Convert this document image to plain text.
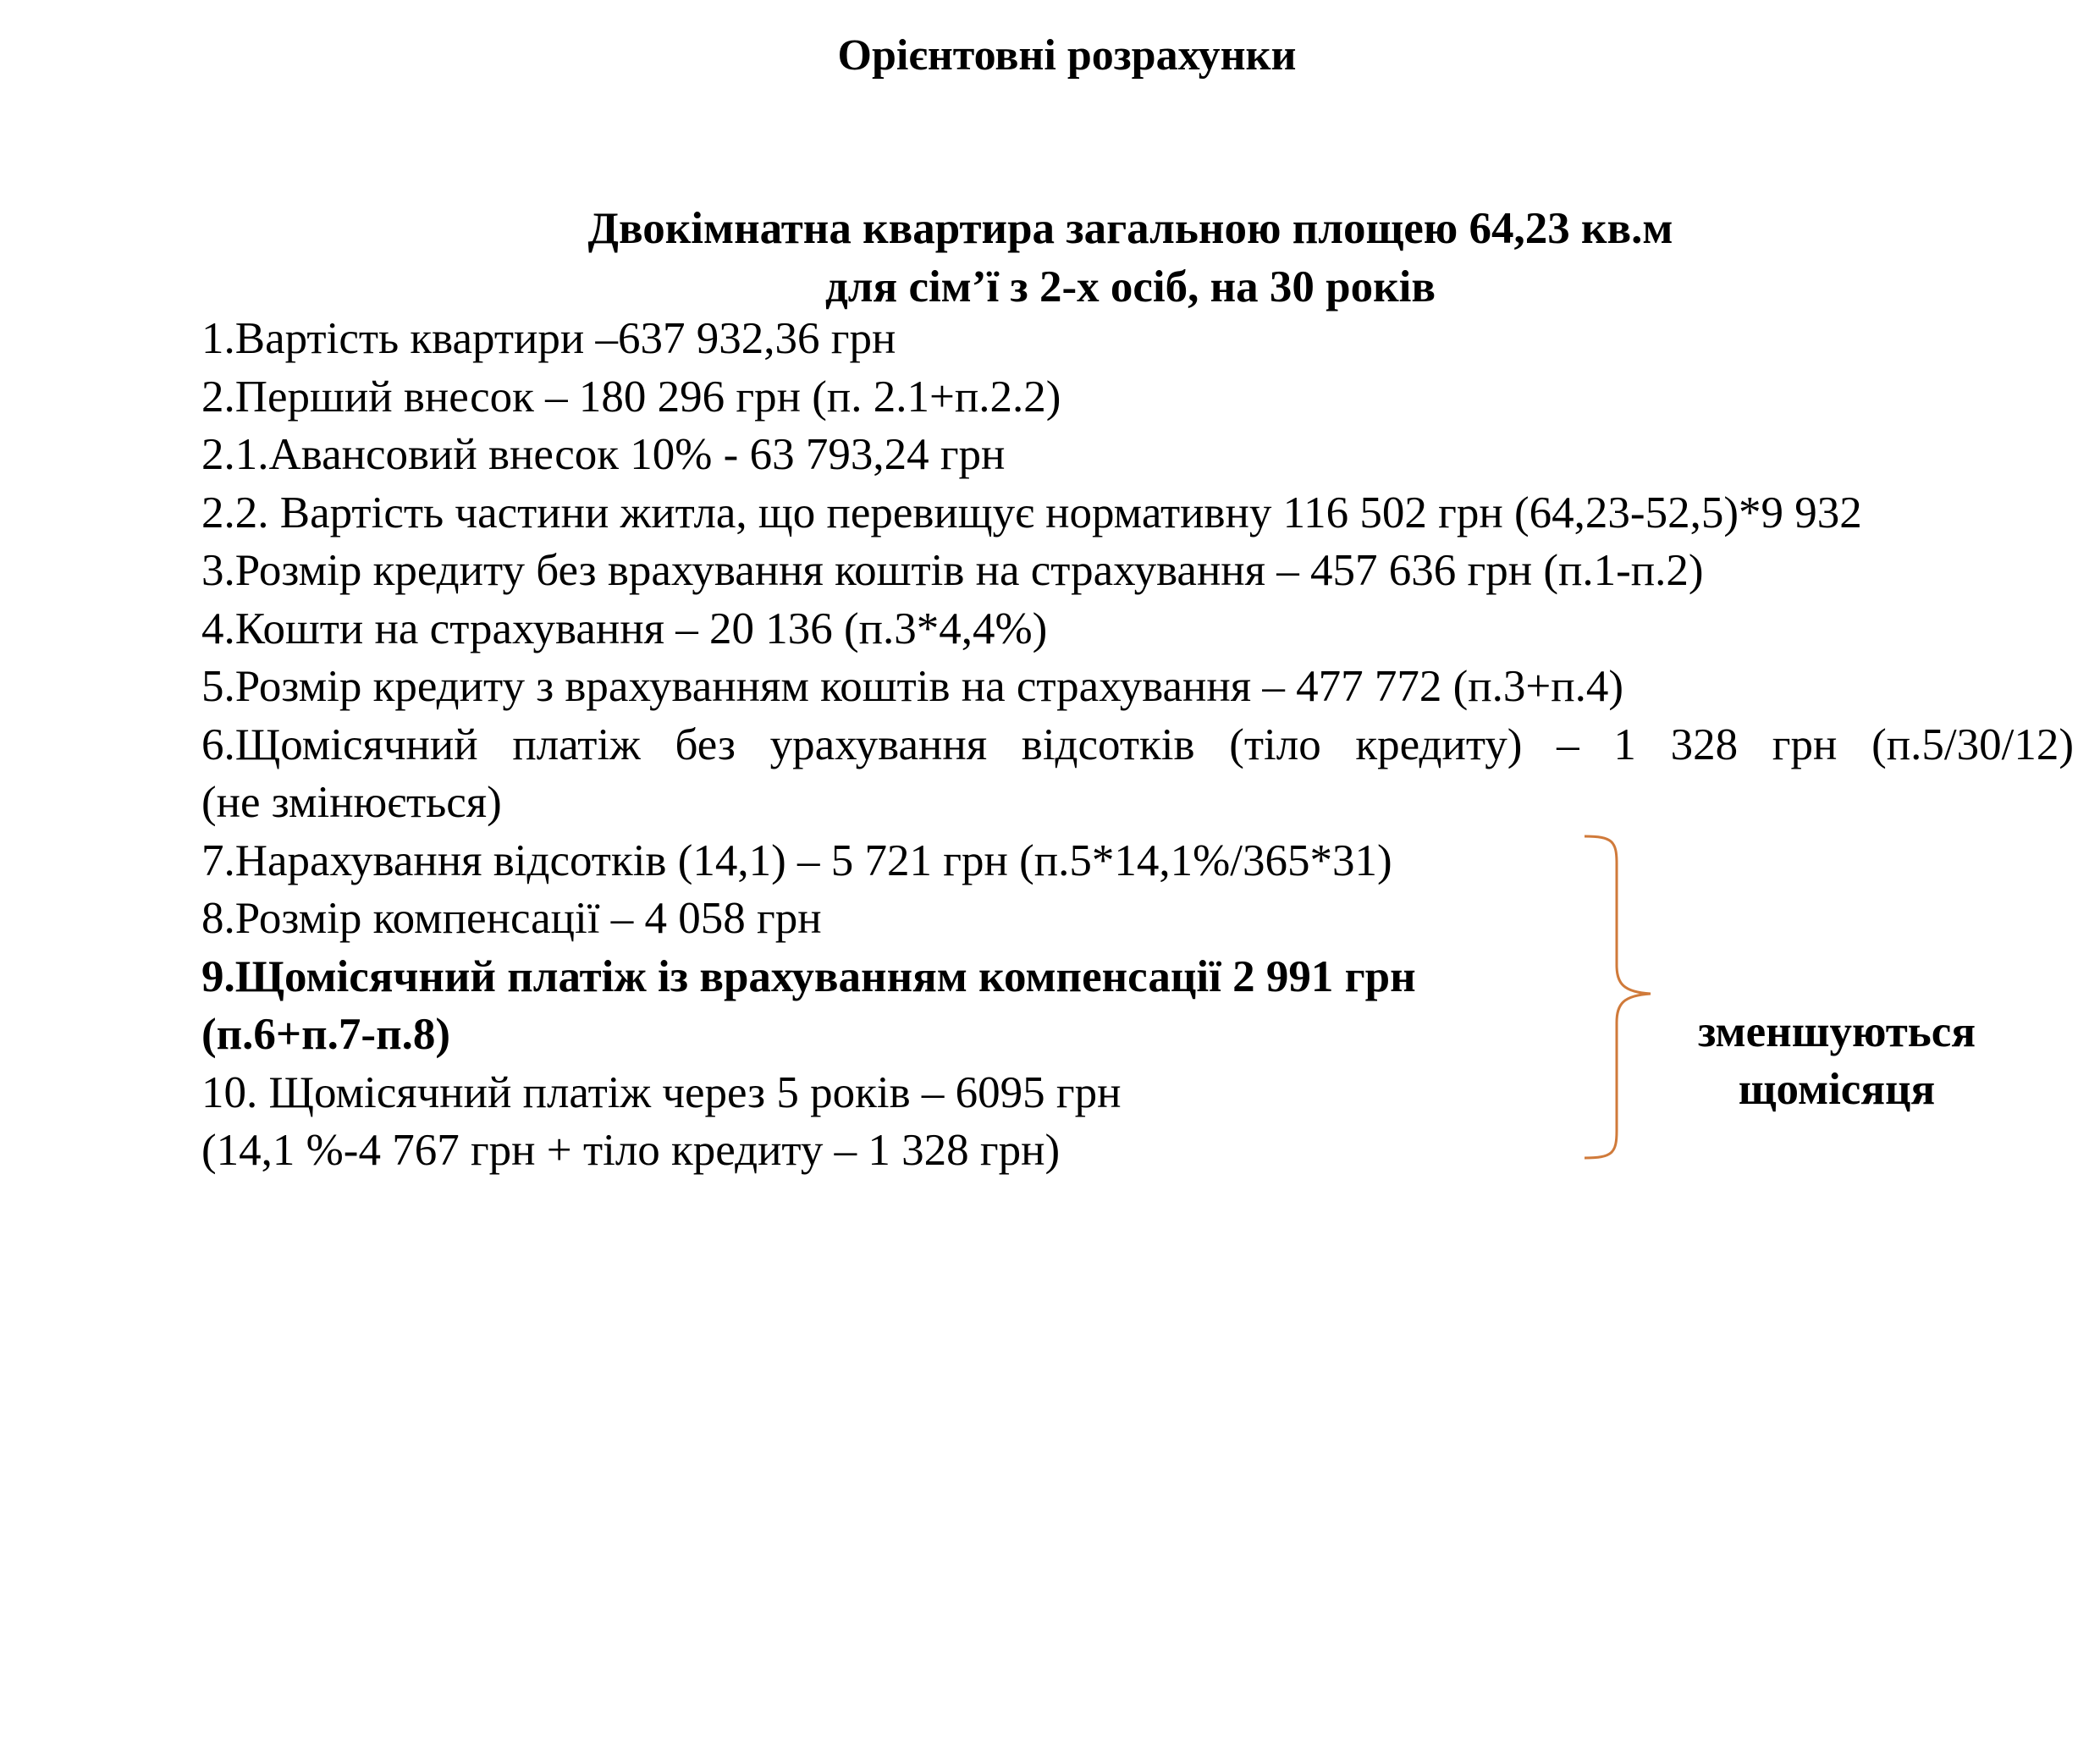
Орієнтовні розрахунки
Двокімнатна квартира загальною площею 64,23 кв.м
для сім’ї з 2-х осіб, на 30 років
1.Вартість квартири –637 932,36 грн
2.Перший внесок – 180 296 грн (п. 2.1+п.2.2)
2.1.Авансовий внесок 10% - 63 793,24 грн
2.2. Вартість частини житла, що перевищує нормативну 116 502 грн (64,23-52,5)*9 932
3.Розмір кредиту без врахування коштів на страхування – 457 636 грн (п.1-п.2)
4.Кошти на страхування – 20 136 (п.3*4,4%)
5.Розмір кредиту з врахуванням коштів на страхування – 477 772 (п.3+п.4)
6.Щомісячний платіж без урахування відсотків (тіло кредиту) – 1 328 грн (п.5/30/12)
(не змінюється)
7.Нарахування відсотків (14,1) – 5 721 грн (п.5*14,1%/365*31)
8.Розмір компенсації – 4 058 грн
9.Щомісячний платіж із врахуванням компенсації 2 991 грн
(п.6+п.7-п.8)
10. Щомісячний платіж через 5 років – 6095 грн
(14,1 %-4 767 грн + тіло кредиту – 1 328 грн)
зменшуються
щомісяця
